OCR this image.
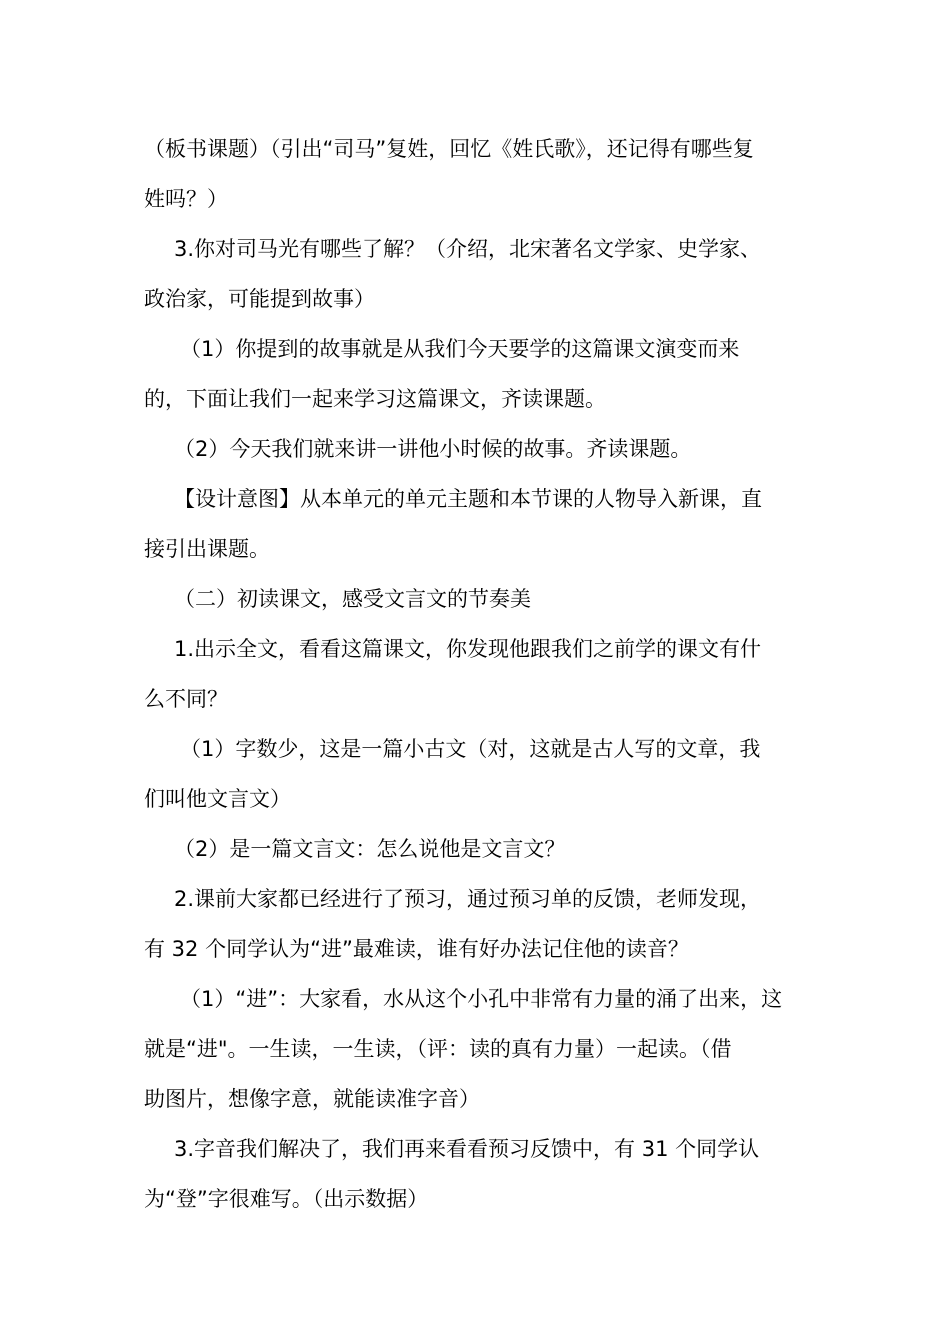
（板书课题）（引出“司马”复姓，回忆《姓氏歌》，还记得有哪些复
姓吗？）
3.你对司马光有哪些了解？（介绍，北宋著名文学家、史学家、
政治家，可能提到故事）
（1）你提到的故事就是从我们今天要学的这篇课文演变而来
的，下面让我们一起来学习这篇课文，齐读课题。
（2）今天我们就来讲一讲他小时候的故事。齐读课题。
【设计意图】从本单元的单元主题和本节课的人物导入新课，直
接引出课题。
（二）初读课文，感受文言文的节奏美
1.出示全文，看看这篇课文，你发现他跟我们之前学的课文有什
么不同？
（1）字数少，这是一篇小古文（对，这就是古人写的文章，我
们叫他文言文）
（2）是一篇文言文：怎么说他是文言文？
2.课前大家都已经进行了预习，通过预习单的反馈，老师发现，
有 32 个同学认为“进”最难读，谁有好办法记住他的读音？
（1）“进”：大家看，水从这个小孔中非常有力量的涌了出来，这
就是“进"。一生读，一生读，（评：读的真有力量）一起读。（借
助图片，想像字意，就能读准字音）
3.字音我们解决了，我们再来看看预习反馈中，有 31 个同学认
为“登”字很难写。（出示数据）
